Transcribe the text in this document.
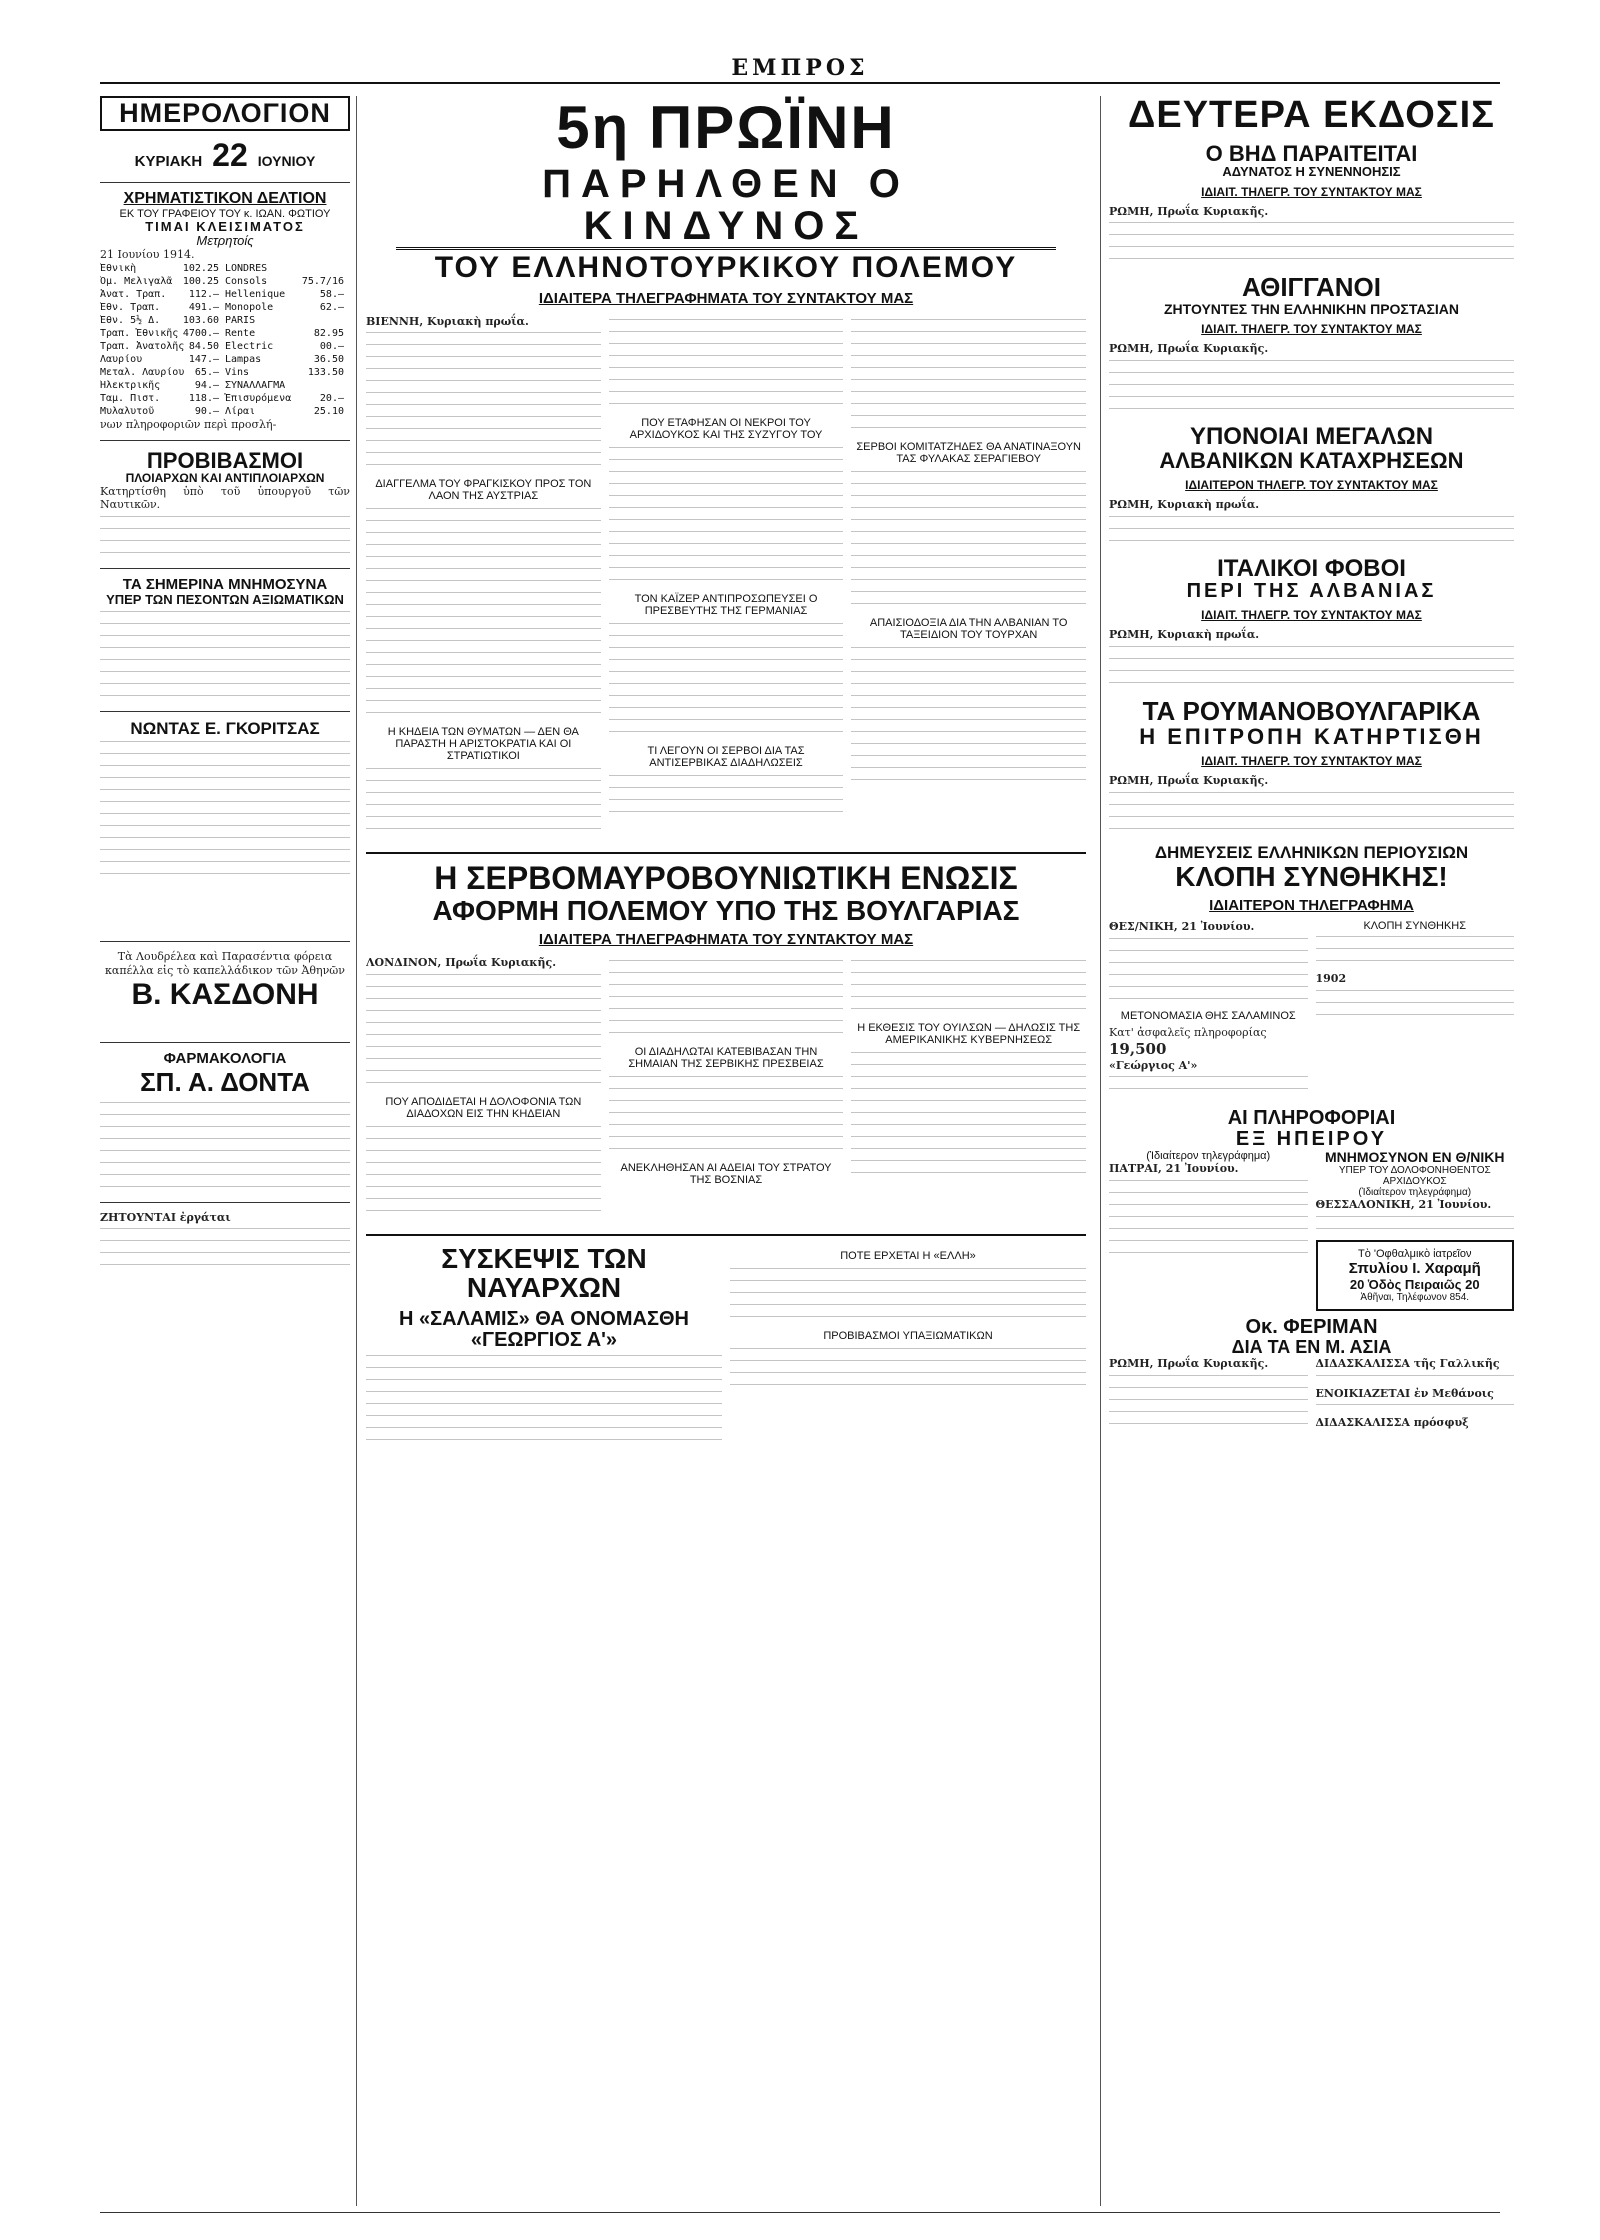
ΕΜΠΡΟΣ
ΗΜΕΡΟΛΟΓΙΟΝ
ΚΥΡΙΑΚΗ 22 ΙΟΥΝΙΟΥ
ΧΡΗΜΑΤΙΣΤΙΚΟΝ ΔΕΛΤΙΟΝ
ΕΚ ΤΟΥ ΓΡΑΦΕΙΟΥ ΤΟΥ κ. ΙΩΑΝ. ΦΩΤΙΟΥ
ΤΙΜΑΙ ΚΛΕΙΣΙΜΑΤΟΣ
Μετρητοίς
21 Ιουνίου 1914.
Ἐθνικὴ	102.25
Ὁμ. Μελιγαλᾶ 100.25
Ἀνατ. Τραπ. 112.—
Ἐθν. Τραπ.	491.—
Ἐθν. 5½ Δ. 103.60
Τραπ. Ἐθνικῆς 4700.—
Τραπ. Ἀνατολῆς 84.50
Λαυρίου	147.—
Μεταλ. Λαυρίου 65.—
Ἠλεκτρικῆς	94.—
Ταμ. Πιστ.	118.—
Μυλαλυτοῦ	90.—
LONDRES
Consols	75.7/16
Hellenique	58.—
Monopole	62.—
PARIS
Rente	82.95
Electric	00.—
Lampas	36.50
Vins	133.50
ΣΥΝΑΛΛΑΓΜΑ
Ἐπισυρόμενα	20.—
Λίραι	25.10
νων πληροφοριῶν περὶ προσλή-
ΠΡΟΒΙΒΑΣΜΟΙ
ΠΛΟΙΑΡΧΩΝ ΚΑΙ ΑΝΤΙΠΛΟΙΑΡΧΩΝ
Κατηρτίσθη ὑπὸ τοῦ ὑπουργοῦ τῶν Ναυτικῶν.
ΤΑ ΣΗΜΕΡΙΝΑ ΜΝΗΜΟΣΥΝΑ
ΥΠΕΡ ΤΩΝ ΠΕΣΟΝΤΩΝ ΑΞΙΩΜΑΤΙΚΩΝ
ΝΩΝΤΑΣ Ε. ΓΚΟΡΙΤΣΑΣ
Τὰ Λουδρέλεα καὶ Παρασέντια φόρεια καπέλλα εἰς τὸ καπελλάδικον τῶν Ἀθηνῶν
Β. ΚΑΣΔΟΝΗ
ΦΑΡΜΑΚΟΛΟΓΙΑ
ΣΠ. Α. ΔΟΝΤΑ
ΖΗΤΟΥΝΤΑΙ ἐργάται
5η ΠΡΩΪΝΗ
ΠΑΡΗΛΘΕΝ Ο ΚΙΝΔΥΝΟΣ
ΤΟΥ ΕΛΛΗΝΟΤΟΥΡΚΙΚΟΥ ΠΟΛΕΜΟΥ
ΙΔΙΑΙΤΕΡΑ ΤΗΛΕΓΡΑΦΗΜΑΤΑ ΤΟΥ ΣΥΝΤΑΚΤΟΥ ΜΑΣ
ΒΙΕΝΝΗ, Κυριακὴ πρωΐα.
ΔΙΑΓΓΕΛΜΑ ΤΟΥ ΦΡΑΓΚΙΣΚΟΥ ΠΡΟΣ ΤΟΝ ΛΑΟΝ ΤΗΣ ΑΥΣΤΡΙΑΣ
Η ΚΗΔΕΙΑ ΤΩΝ ΘΥΜΑΤΩΝ — ΔΕΝ ΘΑ ΠΑΡΑΣΤΗ Η ΑΡΙΣΤΟΚΡΑΤΙΑ ΚΑΙ ΟΙ ΣΤΡΑΤΙΩΤΙΚΟΙ
ΠΟΥ ΕΤΑΦΗΣΑΝ ΟΙ ΝΕΚΡΟΙ ΤΟΥ ΑΡΧΙΔΟΥΚΟΣ ΚΑΙ ΤΗΣ ΣΥΖΥΓΟΥ ΤΟΥ
ΤΟΝ ΚΑΪΖΕΡ ΑΝΤΙΠΡΟΣΩΠΕΥΣΕΙ Ο ΠΡΕΣΒΕΥΤΗΣ ΤΗΣ ΓΕΡΜΑΝΙΑΣ
ΤΙ ΛΕΓΟΥΝ ΟΙ ΣΕΡΒΟΙ ΔΙΑ ΤΑΣ ΑΝΤΙΣΕΡΒΙΚΑΣ ΔΙΑΔΗΛΩΣΕΙΣ
ΣΕΡΒΟΙ ΚΟΜΙΤΑΤΖΗΔΕΣ ΘΑ ΑΝΑΤΙΝΑΞΟΥΝ ΤΑΣ ΦΥΛΑΚΑΣ ΣΕΡΑΓΙΕΒΟΥ
ΑΠΑΙΣΙΟΔΟΞΙΑ ΔΙΑ ΤΗΝ ΑΛΒΑΝΙΑΝ ΤΟ ΤΑΞΕΙΔΙΟΝ ΤΟΥ ΤΟΥΡΧΑΝ
Η ΣΕΡΒΟΜΑΥΡΟΒΟΥΝΙΩΤΙΚΗ ΕΝΩΣΙΣ
ΑΦΟΡΜΗ ΠΟΛΕΜΟΥ ΥΠΟ ΤΗΣ ΒΟΥΛΓΑΡΙΑΣ
ΙΔΙΑΙΤΕΡΑ ΤΗΛΕΓΡΑΦΗΜΑΤΑ ΤΟΥ ΣΥΝΤΑΚΤΟΥ ΜΑΣ
ΛΟΝΔΙΝΟΝ, Πρωΐα Κυριακῆς.
ΠΟΥ ΑΠΟΔΙΔΕΤΑΙ Η ΔΟΛΟΦΟΝΙΑ ΤΩΝ ΔΙΑΔΟΧΩΝ ΕΙΣ ΤΗΝ ΚΗΔΕΙΑΝ
ΟΙ ΔΙΑΔΗΛΩΤΑΙ ΚΑΤΕΒΙΒΑΣΑΝ ΤΗΝ ΣΗΜΑΙΑΝ ΤΗΣ ΣΕΡΒΙΚΗΣ ΠΡΕΣΒΕΙΑΣ
ΑΝΕΚΛΗΘΗΣΑΝ ΑΙ ΑΔΕΙΑΙ ΤΟΥ ΣΤΡΑΤΟΥ ΤΗΣ ΒΟΣΝΙΑΣ
Η ΕΚΘΕΣΙΣ ΤΟΥ ΟΥΙΛΣΩΝ — ΔΗΛΩΣΙΣ ΤΗΣ ΑΜΕΡΙΚΑΝΙΚΗΣ ΚΥΒΕΡΝΗΣΕΩΣ
ΣΥΣΚΕΨΙΣ ΤΩΝ ΝΑΥΑΡΧΩΝ
Η «ΣΑΛΑΜΙΣ» ΘΑ ΟΝΟΜΑΣΘΗ «ΓΕΩΡΓΙΟΣ Α'»
ΠΟΤΕ ΕΡΧΕΤΑΙ Η «ΕΛΛΗ»
ΠΡΟΒΙΒΑΣΜΟΙ ΥΠΑΞΙΩΜΑΤΙΚΩΝ
ΔΕΥΤΕΡΑ ΕΚΔΟΣΙΣ
Ο ΒΗΔ ΠΑΡΑΙΤΕΙΤΑΙ
ΑΔΥΝΑΤΟΣ Η ΣΥΝΕΝΝΟΗΣΙΣ
ΙΔΙΑΙΤ. ΤΗΛΕΓΡ. ΤΟΥ ΣΥΝΤΑΚΤΟΥ ΜΑΣ
ΡΩΜΗ, Πρωΐα Κυριακῆς.
ΑΘΙΓΓΑΝΟΙ
ΖΗΤΟΥΝΤΕΣ ΤΗΝ ΕΛΛΗΝΙΚΗΝ ΠΡΟΣΤΑΣΙΑΝ
ΙΔΙΑΙΤ. ΤΗΛΕΓΡ. ΤΟΥ ΣΥΝΤΑΚΤΟΥ ΜΑΣ
ΡΩΜΗ, Πρωΐα Κυριακῆς.
ΥΠΟΝΟΙΑΙ ΜΕΓΑΛΩΝ
ΑΛΒΑΝΙΚΩΝ ΚΑΤΑΧΡΗΣΕΩΝ
ΙΔΙΑΙΤΕΡΟΝ ΤΗΛΕΓΡ. ΤΟΥ ΣΥΝΤΑΚΤΟΥ ΜΑΣ
ΡΩΜΗ, Κυριακὴ πρωΐα.
ΙΤΑΛΙΚΟΙ ΦΟΒΟΙ
ΠΕΡΙ ΤΗΣ ΑΛΒΑΝΙΑΣ
ΙΔΙΑΙΤ. ΤΗΛΕΓΡ. ΤΟΥ ΣΥΝΤΑΚΤΟΥ ΜΑΣ
ΡΩΜΗ, Κυριακὴ πρωΐα.
ΤΑ ΡΟΥΜΑΝΟΒΟΥΛΓΑΡΙΚΑ
Η ΕΠΙΤΡΟΠΗ ΚΑΤΗΡΤΙΣΘΗ
ΙΔΙΑΙΤ. ΤΗΛΕΓΡ. ΤΟΥ ΣΥΝΤΑΚΤΟΥ ΜΑΣ
ΡΩΜΗ, Πρωΐα Κυριακῆς.
ΔΗΜΕΥΣΕΙΣ ΕΛΛΗΝΙΚΩΝ ΠΕΡΙΟΥΣΙΩΝ
ΚΛΟΠΗ ΣΥΝΘΗΚΗΣ!
ΙΔΙΑΙΤΕΡΟΝ ΤΗΛΕΓΡΑΦΗΜΑ
ΘΕΣ/ΝΙΚΗ, 21 Ἰουνίου.
ΜΕΤΟΝΟΜΑΣΙΑ ΘΗΣ ΣΑΛΑΜΙΝΟΣ
Κατ' ἀσφαλεῖς πληροφορίας
19,500
«Γεώργιος Α'»
ΚΛΟΠΗ ΣΥΝΘΗΚΗΣ
1902
ΑΙ ΠΛΗΡΟΦΟΡΙΑΙ
ΕΞ ΗΠΕΙΡΟΥ
(Ἰδιαίτερον τηλεγράφημα)
ΠΑΤΡΑΙ, 21 Ἰουνίου.
ΜΝΗΜΟΣΥΝΟΝ ΕΝ Θ/ΝΙΚΗ
ΥΠΕΡ ΤΟΥ ΔΟΛΟΦΟΝΗΘΕΝΤΟΣ ΑΡΧΙΔΟΥΚΟΣ
(Ἰδιαίτερον τηλεγράφημα)
ΘΕΣΣΑΛΟΝΙΚΗ, 21 Ἰουνίου.
Τὸ 'Οφθαλμικὸ ἰατρεῖον
Σπυλίου Ι. Χαραμῆ
20 Ὁδὸς Πειραιῶς 20
Ἀθῆναι, Τηλέφωνον 854.
Οκ. ΦΕΡΙΜΑΝ
ΔΙΑ ΤΑ ΕΝ Μ. ΑΣΙΑ
ΡΩΜΗ, Πρωΐα Κυριακῆς.	ΔΙΔΑΣΚΑΛΙΣΣΑ τῆς Γαλλικῆς
ΕΝΟΙΚΙΑΖΕΤΑΙ ἐν Μεθάνοις
ΔΙΔΑΣΚΑΛΙΣΣΑ πρόσφυξ
